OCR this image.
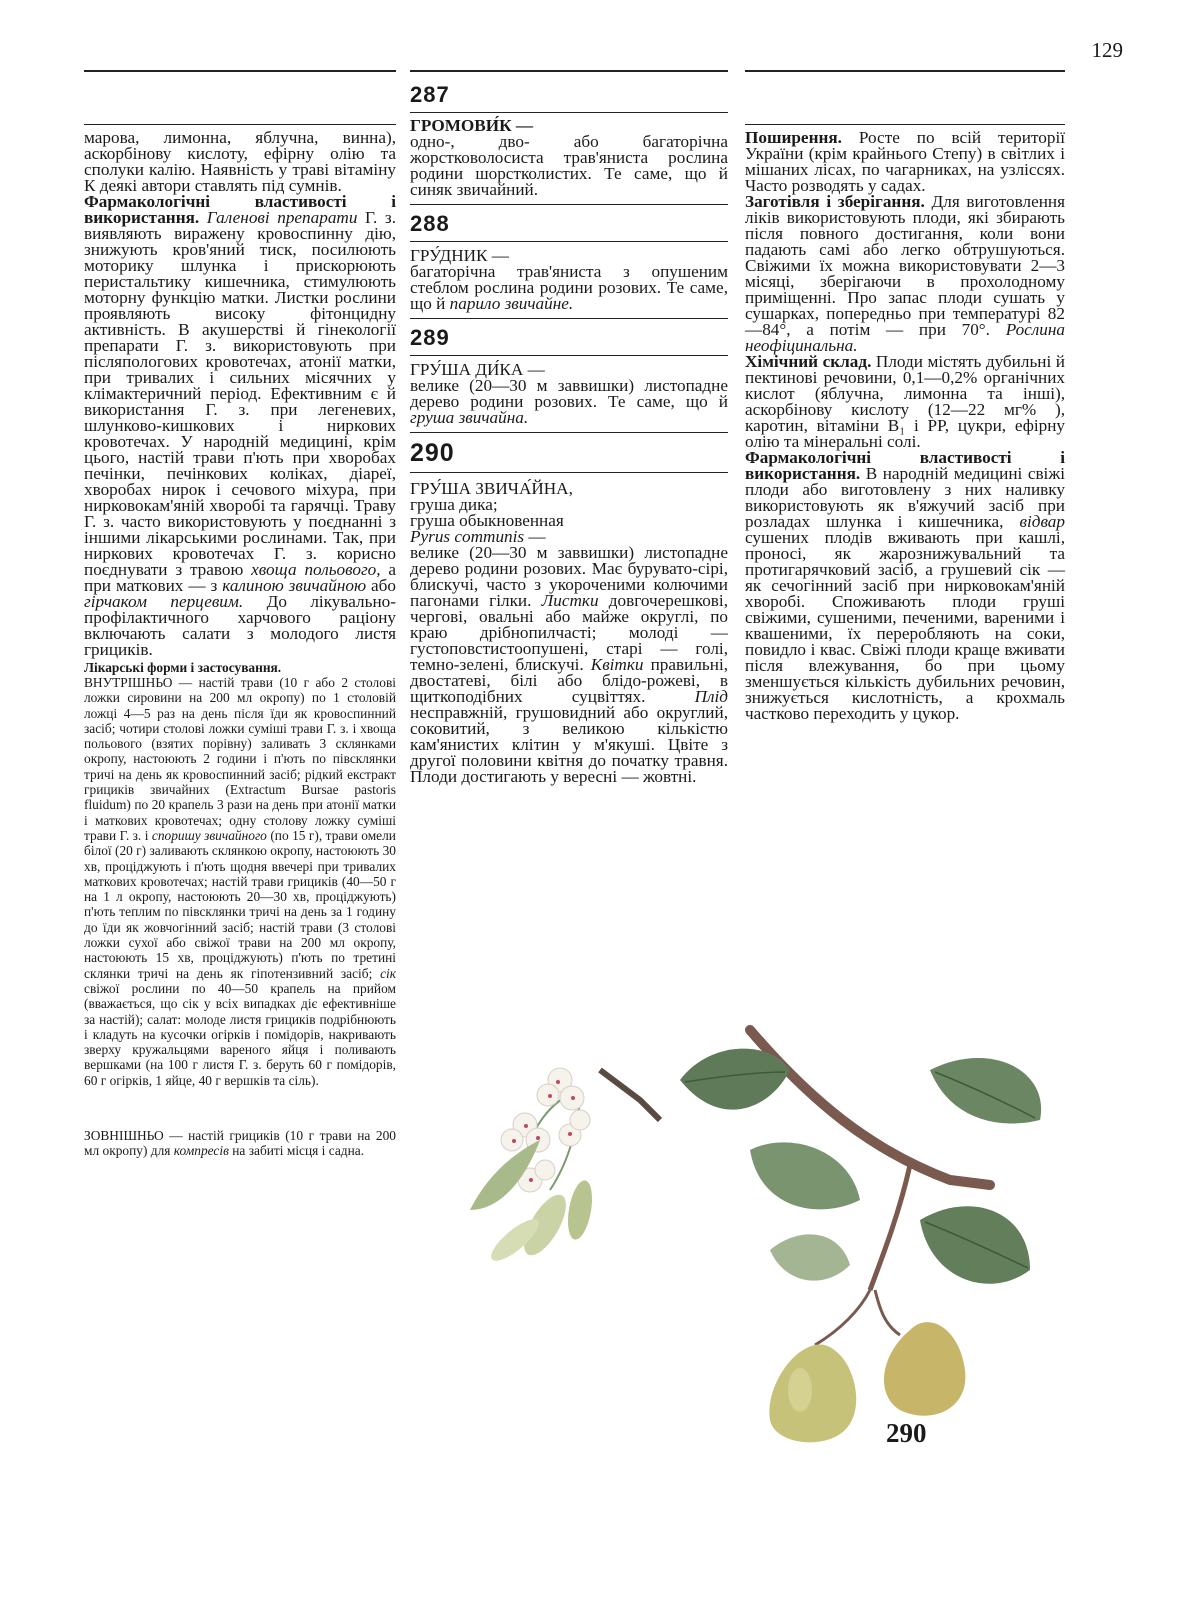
129

марова, лимонна, яблучна, винна), аскорбінову кислоту, ефірну олію та сполуки калію. Наявність у траві вітаміну К деякі автори ставлять під сумнів.

Фармакологічні властивості і використання. Галенові препарати Г. з. виявляють виражену кровоспинну дію, знижують кров'яний тиск, посилюють моторику шлунка і прискорюють перистальтику кишечника, стимулюють моторну функцію матки. Листки рослини проявляють високу фітонцидну активність. В акушерстві й гінекології препарати Г. з. використовують при післяпологових кровотечах, атонії матки, при тривалих і сильних місячних у клімактеричний період. Ефективним є й використання Г. з. при легеневих, шлунково-кишкових і ниркових кровотечах. У народній медицині, крім цього, настій трави п'ють при хворобах печінки, печінкових коліках, діареї, хворобах нирок і сечового міхура, при нирковокам'яній хворобі та гарячці. Траву Г. з. часто використовують у поєднанні з іншими лікарськими рослинами. Так, при ниркових кровотечах Г. з. корисно поєднувати з травою хвоща польового, а при маткових — з калиною звичайною або гірчаком перцевим. До лікувально-профілактичного харчового раціону включають салати з молодого листя грициків.

Лікарські форми і застосування.

ВНУТРІШНЬО — настій трави (10 г або 2 столові ложки сировини на 200 мл окропу) по 1 столовій ложці 4—5 раз на день після їди як кровоспинний засіб; чотири столові ложки суміші трави Г. з. і хвоща польового (взятих порівну) заливать 3 склянками окропу, настоюють 2 години і п'ють по півсклянки тричі на день як кровоспинний засіб; рідкий екстракт грициків звичайних (Extractum Bursae pastoris fluidum) по 20 крапель 3 рази на день при атонії матки і маткових кровотечах; одну столову ложку суміші трави Г. з. і споришу звичайного (по 15 г), трави омели білої (20 г) заливають склянкою окропу, настоюють 30 хв, проціджують і п'ють щодня ввечері при тривалих маткових кровотечах; настій трави грициків (40—50 г на 1 л окропу, настоюють 20—30 хв, проціджують) п'ють теплим по півсклянки тричі на день за 1 годину до їди як жовчогінний засіб; настій трави (3 столові ложки сухої або свіжої трави на 200 мл окропу, настоюють 15 хв, проціджують) п'ють по третині склянки тричі на день як гіпотензивний засіб; сік свіжої рослини по 40—50 крапель на прийом (вважається, що сік у всіх випадках діє ефективніше за настій); салат: молоде листя грициків подрібнюють і кладуть на кусочки огірків і помідорів, накривають зверху кружальцями вареного яйця і поливають вершками (на 100 г листя Г. з. беруть 60 г помідорів, 60 г огірків, 1 яйце, 40 г вершків та сіль).

ЗОВНІШНЬО — настій грициків (10 г трави на 200 мл окропу) для компресів на забиті місця і садна.

287

ГРОМОВИ́К —

одно-, дво- або багаторічна жорстковолосиста трав'яниста рослина родини шорстколистих. Те саме, що й синяк звичайний.

288

ГРУ́ДНИК —

багаторічна трав'яниста з опушеним стеблом рослина родини розових. Те саме, що й парило звичайне.

289

ГРУ́ША ДИ́КА —

велике (20—30 м заввишки) листопадне дерево родини розових. Те саме, що й груша звичайна.

290

ГРУ́ША ЗВИЧА́ЙНА,

груша дика;

груша обыкновенная

Pyrus communis —

велике (20—30 м заввишки) листопадне дерево родини розових. Має бурувато-сірі, блискучі, часто з укороченими колючими пагонами гілки. Листки довгочерешкові, чергові, овальні або майже округлі, по краю дрібнопилчасті; молоді — густоповстистоопушені, старі — голі, темно-зелені, блискучі. Квітки правильні, двостатеві, білі або блідо-рожеві, в щиткоподібних суцвіттях.	Плід несправжній, грушовидний або округлий, соковитий, з великою кількістю кам'янистих клітин у м'якуші. Цвіте з другої половини квітня до початку травня. Плоди достигають у вересні — жовтні.

Поширення. Росте по всій території України (крім крайнього Степу) в світлих і мішаних лісах, по чагарниках, на узліссях. Часто розводять у садах.

Заготівля і зберігання. Для виготовлення ліків використовують плоди, які збирають після повного достигання, коли вони падають самі або легко обтрушуються. Свіжими їх можна використовувати 2—3 місяці, зберігаючи в прохолодному приміщенні. Про запас плоди сушать у сушарках, попередньо при температурі 82—84°, а потім — при 70°. Рослина неофіцинальна.

Хімічний склад. Плоди містять дубильні й пектинові речовини, 0,1—0,2% органічних кислот (яблучна, лимонна та інші), аскорбінову кислоту (12—22 мг% ), каротин, вітаміни B₁ і PP, цукри, ефірну олію та мінеральні солі.

Фармакологічні властивості і використання. В народній медицині свіжі плоди або виготовлену з них наливку використовують як в'яжучий засіб при розладах шлунка і кишечника, відвар сушених плодів вживають при кашлі, проносі, як жарознижувальний та протигарячковий засіб, а грушевий сік — як сечогінний засіб при нирковокам'яній хворобі. Споживають плоди груші свіжими, сушеними, печеними, вареними і квашеними, їх переробляють на соки, повидло і квас. Свіжі плоди краще вживати після влежування, бо при цьому зменшується кількість дубильних речовин, знижується кислотність, а крохмаль частково переходить у цукор.

290
